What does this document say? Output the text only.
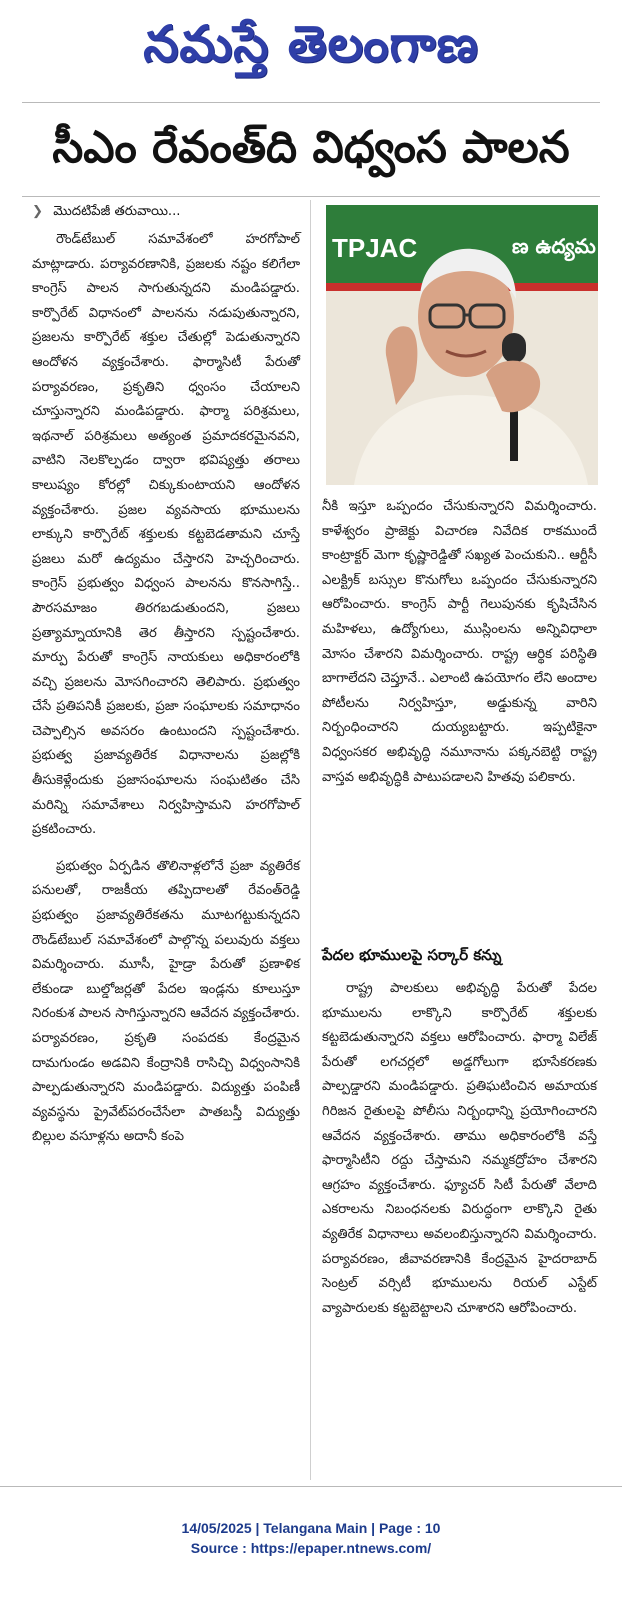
నమస్తే తెలంగాణ
సీఎం రేవంత్‌ది విధ్వంస పాలన
❯ మొదటిపేజీ తరువాయి...

రౌండ్‌టేబుల్ సమావేశంలో హరగోపాల్ మాట్లాడారు. పర్యావరణానికి, ప్రజలకు నష్టం కలిగేలా కాంగ్రెస్ పాలన సాగుతున్నదని మండిపడ్డారు. కార్పొరేట్ విధానంలో పాలనను నడుపుతున్నారని, ప్రజలను కార్పొరేట్ శక్తుల చేతుల్లో పెడుతున్నారని ఆందోళన వ్యక్తంచేశారు. ఫార్మాసిటీ పేరుతో పర్యావరణం, ప్రకృతిని ధ్వంసం చేయాలని చూస్తున్నారని మండిపడ్డారు. ఫార్మా పరిశ్రమలు, ఇథనాల్ పరిశ్రమలు అత్యంత ప్రమాదకరమైనవని, వాటిని నెలకొల్పడం ద్వారా భవిష్యత్తు తరాలు కాలుష్యం కోరల్లో చిక్కుకుంటాయని ఆందోళన వ్యక్తంచేశారు. ప్రజల వ్యవసాయ భూములను లాక్కుని కార్పొరేట్ శక్తులకు కట్టబెడతామని చూస్తే ప్రజలు మరో ఉద్యమం చేస్తారని హెచ్చరించారు. కాంగ్రెస్ ప్రభుత్వం విధ్వంస పాలనను కొనసాగిస్తే.. పౌరసమాజం తిరగబడుతుందని, ప్రజలు ప్రత్యామ్నాయానికి తెర తీస్తారని స్పష్టంచేశారు. మార్పు పేరుతో కాంగ్రెస్ నాయకులు అధికారంలోకి వచ్చి ప్రజలను మోసగించారని తెలిపారు. ప్రభుత్వం చేసే ప్రతిపనికీ ప్రజలకు, ప్రజా సంఘాలకు సమాధానం చెప్పాల్సిన అవసరం ఉంటుందని స్పష్టంచేశారు. ప్రభుత్వ ప్రజావ్యతిరేక విధానాలను ప్రజల్లోకి తీసుకెళ్లేందుకు ప్రజాసంఘాలను సంఘటితం చేసి మరిన్ని సమావేశాలు నిర్వహిస్తామని హరగోపాల్ ప్రకటించారు.

ప్రభుత్వం ఏర్పడిన తొలినాళ్లలోనే ప్రజా వ్యతిరేక పనులతో, రాజకీయ తప్పిదాలతో రేవంత్‌రెడ్డి ప్రభుత్వం ప్రజావ్యతిరేకతను మూటగట్టుకున్నదని రౌండ్‌టేబుల్ సమావేశంలో పాల్గొన్న పలువురు వక్తలు విమర్శించారు. మూసీ, హైడ్రా పేరుతో ప్రణాళిక లేకుండా బుల్డోజర్లతో పేదల ఇండ్లను కూలుస్తూ నిరంకుశ పాలన సాగిస్తున్నారని ఆవేదన వ్యక్తంచేశారు. పర్యావరణం, ప్రకృతి సంపదకు కేంద్రమైన దామగుండం అడవిని కేంద్రానికి రాసిచ్చి విధ్వంసానికి పాల్పడుతున్నారని మండిపడ్డారు. విద్యుత్తు పంపిణీ వ్యవస్థను ప్రైవేట్‌పరంచేసేలా పాతబస్తీ విద్యుత్తు బిల్లుల వసూళ్లను అదానీ కంపె

TPJAC	ణ ఉద్యమ

నీకి ఇస్తూ ఒప్పందం చేసుకున్నారని విమర్శించారు. కాళేశ్వరం ప్రాజెక్టు విచారణ నివేదిక రాకముందే కాంట్రాక్టర్ మెగా కృష్ణారెడ్డితో సఖ్యత పెంచుకుని.. ఆర్టీసీ ఎలక్ట్రిక్ బస్సుల కొనుగోలు ఒప్పందం చేసుకున్నారని ఆరోపించారు. కాంగ్రెస్ పార్టీ గెలుపునకు కృషిచేసిన మహిళలు, ఉద్యోగులు, ముస్లింలను అన్నివిధాలా మోసం చేశారని విమర్శించారు. రాష్ట్ర ఆర్థిక పరిస్థితి బాగాలేదని చెప్తూనే.. ఎలాంటి ఉపయోగం లేని అందాల పోటీలను నిర్వహిస్తూ, అడ్డుకున్న వారిని నిర్బంధించారని దుయ్యబట్టారు. ఇప్పటికైనా విధ్వంసకర అభివృద్ధి నమూనాను పక్కనబెట్టి రాష్ట్ర వాస్తవ అభివృద్ధికి పాటుపడాలని హితవు పలికారు.

పేదల భూములపై సర్కార్ కన్ను

రాష్ట్ర పాలకులు అభివృద్ధి పేరుతో పేదల భూములను లాక్కొని కార్పొరేట్ శక్తులకు కట్టబెడుతున్నారని వక్తలు ఆరోపించారు. ఫార్మా విలేజ్ పేరుతో లగచర్లలో అడ్డగోలుగా భూసేకరణకు పాల్పడ్డారని మండిపడ్డారు. ప్రతిఘటించిన అమాయక గిరిజన రైతులపై పోలీసు నిర్బంధాన్ని ప్రయోగించారని ఆవేదన వ్యక్తంచేశారు. తాము అధికారంలోకి వస్తే ఫార్మాసిటీని రద్దు చేస్తామని నమ్మకద్రోహం చేశారని ఆగ్రహం వ్యక్తంచేశారు. ఫ్యూచర్ సిటీ పేరుతో వేలాది ఎకరాలను నిబంధనలకు విరుద్ధంగా లాక్కొని రైతు వ్యతిరేక విధానాలు అవలంబిస్తున్నారని విమర్శించారు. పర్యావరణం, జీవావరణానికి కేంద్రమైన హైదరాబాద్ సెంట్రల్ వర్సిటీ భూములను రియల్ ఎస్టేట్ వ్యాపారులకు కట్టబెట్టాలని చూశారని ఆరోపించారు.

14/05/2025 | Telangana Main | Page : 10
Source : https://epaper.ntnews.com/
